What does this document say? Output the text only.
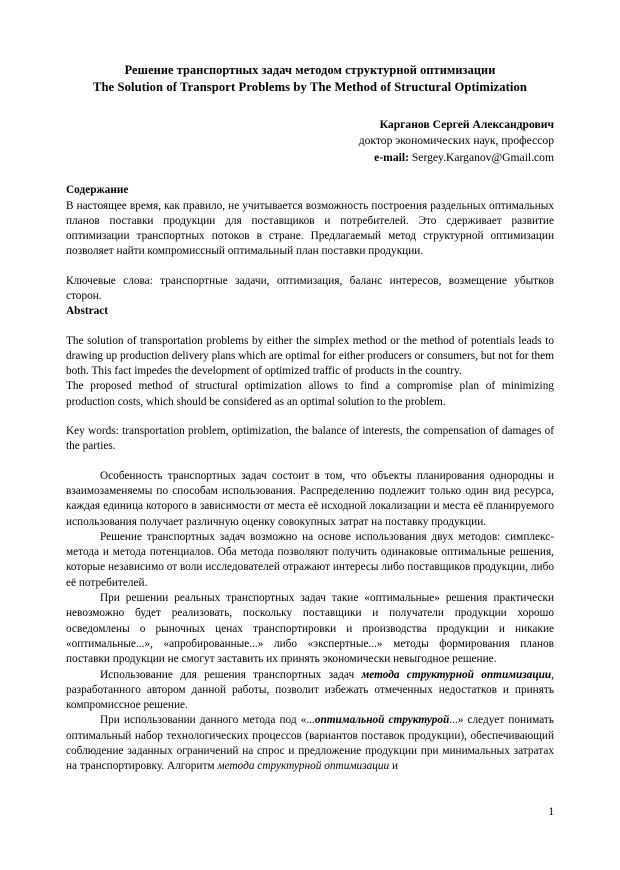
Решение транспортных задач методом структурной оптимизации
The Solution of Transport Problems by The Method of Structural Optimization
Карганов Сергей Александрович
доктор экономических наук, профессор
e-mail: Sergey.Karganov@Gmail.com
Содержание

В настоящее время, как правило, не учитывается возможность построения раздельных оптимальных планов поставки продукции для поставщиков и потребителей. Это сдерживает развитие оптимизации транспортных потоков в стране. Предлагаемый метод структурной оптимизации позволяет найти компромиссный оптимальный план поставки продукции.

Ключевые слова: транспортные задачи, оптимизация, баланс интересов, возмещение убытков сторон.

Abstract

The solution of transportation problems by either the simplex method or the method of potentials leads to drawing up production delivery plans which are optimal for either producers or consumers, but not for them both. This fact impedes the development of optimized traffic of products in the country.

The proposed method of structural optimization allows to find a compromise plan of minimizing production costs, which should be considered as an optimal solution to the problem.

Key words: transportation problem, optimization, the balance of interests, the compensation of damages of the parties.

Особенность транспортных задач состоит в том, что объекты планирования однородны и взаимозаменяемы по способам использования. Распределению подлежит только один вид ресурса, каждая единица которого в зависимости от места её исходной локализации и места её планируемого использования получает различную оценку совокупных затрат на поставку продукции.

Решение транспортных задач возможно на основе использования двух методов: симплекс-метода и метода потенциалов. Оба метода позволяют получить одинаковые оптимальные решения, которые независимо от воли исследователей отражают интересы либо поставщиков продукции, либо её потребителей.

При решении реальных транспортных задач такие «оптимальные» решения практически невозможно будет реализовать, поскольку поставщики и получатели продукции хорошо осведомлены о рыночных ценах транспортировки и производства продукции и никакие «оптимальные...», «апробированные...» либо «экспертные...» методы формирования планов поставки продукции не смогут заставить их принять экономически невыгодное решение.

Использование для решения транспортных задач метода структурной оптимизации, разработанного автором данной работы, позволит избежать отмеченных недостатков и принять компромиссное решение.

При использовании данного метода под «...оптимальной структурой...» следует понимать оптимальный набор технологических процессов (вариантов поставок продукции), обеспечивающий соблюдение заданных ограничений на спрос и предложение продукции при минимальных затратах на транспортировку. Алгоритм метода структурной оптимизации и

1
